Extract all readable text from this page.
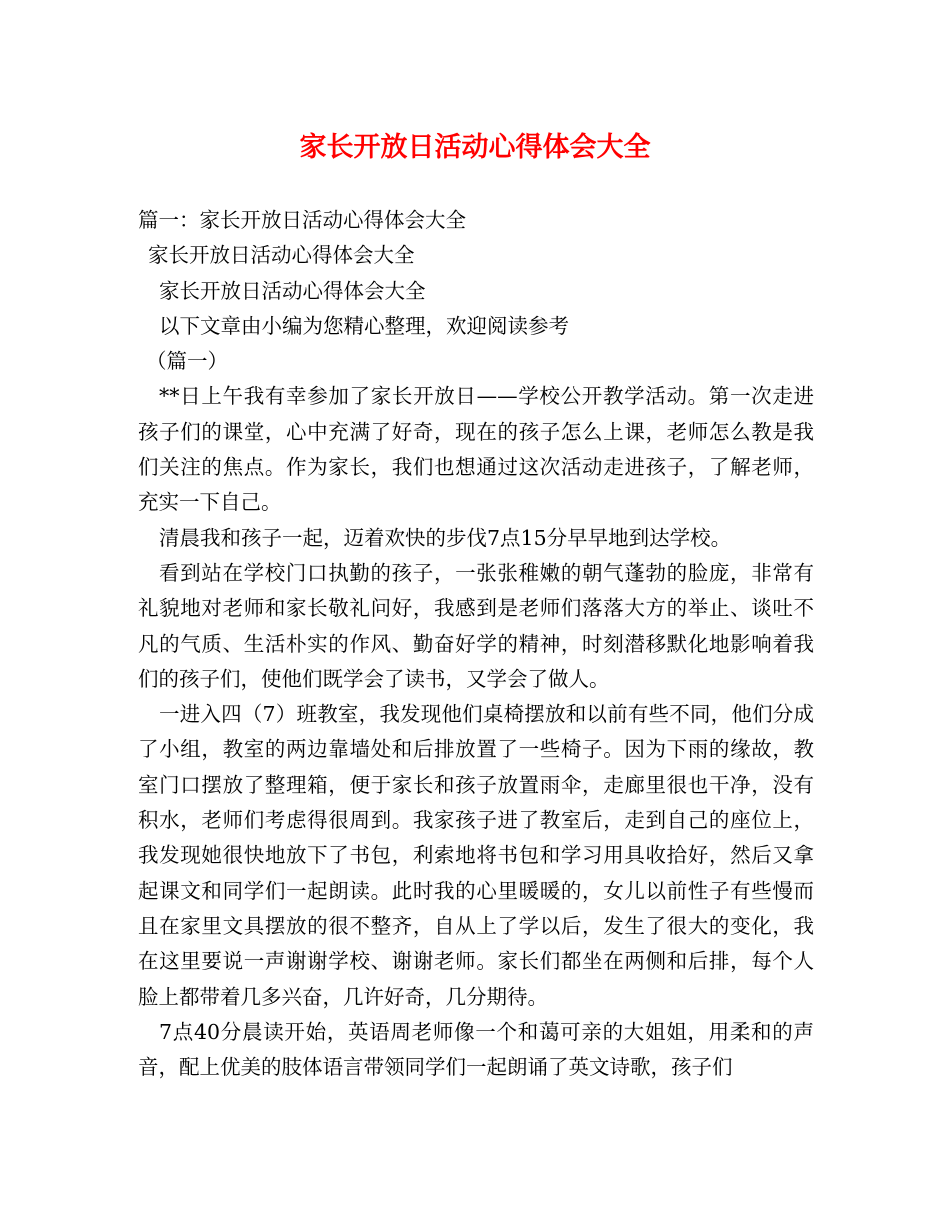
家长开放日活动心得体会大全

篇一：家长开放日活动心得体会大全

家长开放日活动心得体会大全

家长开放日活动心得体会大全

以下文章由小编为您精心整理，欢迎阅读参考

（篇一）

**日上午我有幸参加了家长开放日——学校公开教学活动。第一次走进孩子们的课堂，心中充满了好奇，现在的孩子怎么上课，老师怎么教是我们关注的焦点。作为家长，我们也想通过这次活动走进孩子，了解老师，充实一下自己。

清晨我和孩子一起，迈着欢快的步伐7点15分早早地到达学校。

看到站在学校门口执勤的孩子，一张张稚嫩的朝气蓬勃的脸庞，非常有礼貌地对老师和家长敬礼问好，我感到是老师们落落大方的举止、谈吐不凡的气质、生活朴实的作风、勤奋好学的精神，时刻潜移默化地影响着我们的孩子们，使他们既学会了读书，又学会了做人。

一进入四（7）班教室，我发现他们桌椅摆放和以前有些不同，他们分成了小组，教室的两边靠墙处和后排放置了一些椅子。因为下雨的缘故，教室门口摆放了整理箱，便于家长和孩子放置雨伞，走廊里很也干净，没有积水，老师们考虑得很周到。我家孩子进了教室后，走到自己的座位上，我发现她很快地放下了书包，利索地将书包和学习用具收拾好，然后又拿起课文和同学们一起朗读。此时我的心里暖暖的，女儿以前性子有些慢而且在家里文具摆放的很不整齐，自从上了学以后，发生了很大的变化，我在这里要说一声谢谢学校、谢谢老师。家长们都坐在两侧和后排，每个人脸上都带着几多兴奋，几许好奇，几分期待。

7点40分晨读开始，英语周老师像一个和蔼可亲的大姐姐，用柔和的声音，配上优美的肢体语言带领同学们一起朗诵了英文诗歌，孩子们
